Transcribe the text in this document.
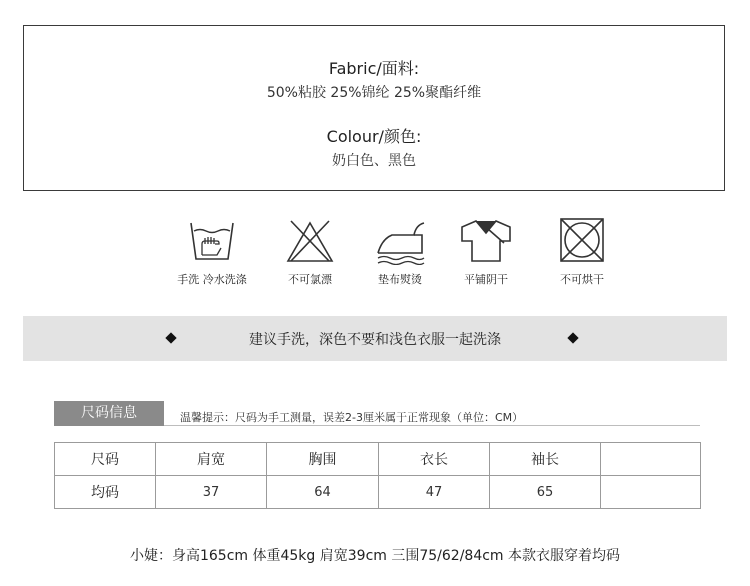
Fabric/面料:
50%粘胶 25%锦纶 25%聚酯纤维
Colour/颜色:
奶白色、黑色
手洗 冷水洗涤	不可氯漂	垫布熨烫	平铺阴干	不可烘干
建议手洗，深色不要和浅色衣服一起洗涤
尺码信息	温馨提示：尺码为手工测量，误差2-3厘米属于正常现象（单位：CM）
尺码	肩宽	胸围	衣长	袖长	
均码	37	64	47	65	
小婕：身高165cm 体重45kg 肩宽39cm 三围75/62/84cm 本款衣服穿着均码
